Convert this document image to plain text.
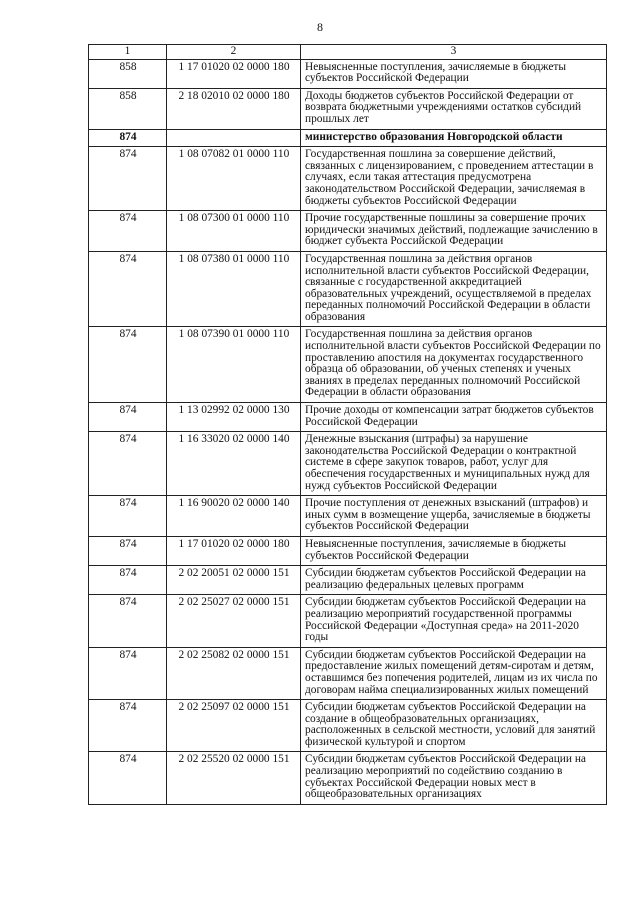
8
1	2	3
858	1 17 01020 02 0000 180	Невыясненные поступления, зачисляемые в бюджеты субъектов Российской Федерации
858	2 18 02010 02 0000 180	Доходы бюджетов субъектов Российской Федерации от возврата бюджетными учреждениями остатков субсидий прошлых лет
874		министерство образования Новгородской области
874	1 08 07082 01 0000 110	Государственная пошлина за совершение действий, связанных с лицензированием, с проведением аттестации в случаях, если такая аттестация предусмотрена законодательством Российской Федерации, зачисляемая в бюджеты субъектов Российской Федерации
874	1 08 07300 01 0000 110	Прочие государственные пошлины за совершение прочих юридически значимых действий, подлежащие зачислению в бюджет субъекта Российской Федерации
874	1 08 07380 01 0000 110	Государственная пошлина за действия органов исполнительной власти субъектов Российской Федерации, связанные с государственной аккредитацией образовательных учреждений, осуществляемой в пределах переданных полномочий Российской Федерации в области образования
874	1 08 07390 01 0000 110	Государственная пошлина за действия органов исполнительной власти субъектов Российской Федерации по проставлению апостиля на документах государственного образца об образовании, об ученых степенях и ученых званиях в пределах переданных полномочий Российской Федерации в области образования
874	1 13 02992 02 0000 130	Прочие доходы от компенсации затрат бюджетов субъектов Российской Федерации
874	1 16 33020 02 0000 140	Денежные взыскания (штрафы) за нарушение законодательства Российской Федерации о контрактной системе в сфере закупок товаров, работ, услуг для обеспечения государственных и муниципальных нужд для нужд субъектов Российской Федерации
874	1 16 90020 02 0000 140	Прочие поступления от денежных взысканий (штрафов) и иных сумм в возмещение ущерба, зачисляемые в бюджеты субъектов Российской Федерации
874	1 17 01020 02 0000 180	Невыясненные поступления, зачисляемые в бюджеты субъектов Российской Федерации
874	2 02 20051 02 0000 151	Субсидии бюджетам субъектов Российской Федерации на реализацию федеральных целевых программ
874	2 02 25027 02 0000 151	Субсидии бюджетам субъектов Российской Федерации на реализацию мероприятий государственной программы Российской Федерации «Доступная среда» на 2011-2020 годы
874	2 02 25082 02 0000 151	Субсидии бюджетам субъектов Российской Федерации на предоставление жилых помещений детям-сиротам и детям, оставшимся без попечения родителей, лицам из их числа по договорам найма специализированных жилых помещений
874	2 02 25097 02 0000 151	Субсидии бюджетам субъектов Российской Федерации на создание в общеобразовательных организациях, расположенных в сельской местности, условий для занятий физической культурой и спортом
874	2 02 25520 02 0000 151	Субсидии бюджетам субъектов Российской Федерации на реализацию мероприятий по содействию созданию в субъектах Российской Федерации новых мест в общеобразовательных организациях
